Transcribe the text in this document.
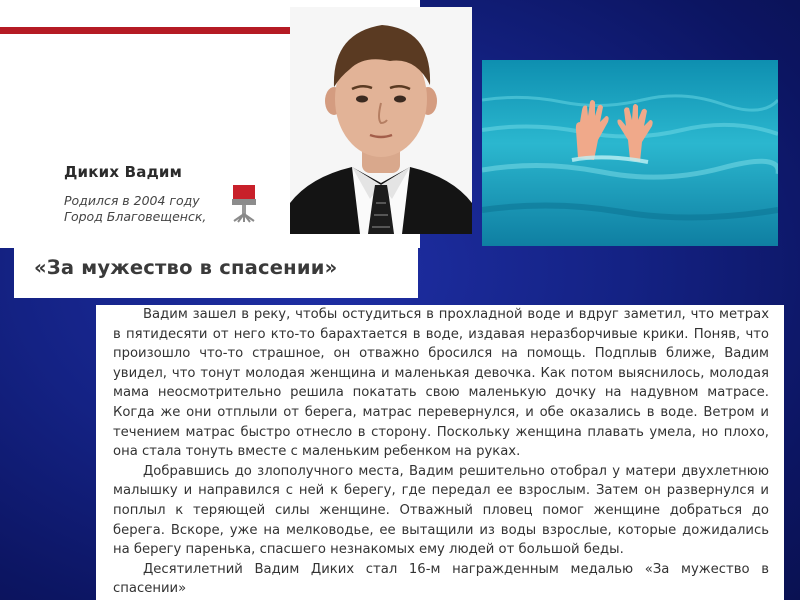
Диких Вадим
Родился в 2004 году
Город Благовещенск,
«За мужество в спасении»

Вадим зашел в реку, чтобы остудиться в прохладной воде и вдруг заметил, что метрах в пятидесяти от него кто-то барахтается в воде, издавая неразборчивые крики. Поняв, что произошло что-то страшное, он отважно бросился на помощь. Подплыв ближе, Вадим увидел, что тонут молодая женщина и маленькая девочка. Как потом выяснилось, молодая мама неосмотрительно решила покатать свою маленькую дочку на надувном матрасе. Когда же они отплыли от берега, матрас перевернулся, и обе оказались в воде. Ветром и течением матрас быстро отнесло в сторону. Поскольку женщина плавать умела, но плохо, она стала тонуть вместе с маленьким ребенком на руках.

Добравшись до злополучного места, Вадим решительно отобрал у матери двухлетнюю малышку и направился с ней к берегу, где передал ее взрослым. Затем он развернулся и поплыл к теряющей силы женщине. Отважный пловец помог женщине добраться до берега. Вскоре, уже на мелководье, ее вытащили из воды взрослые, которые дожидались на берегу паренька, спасшего незнакомых ему людей от большой беды.

Десятилетний Вадим Диких стал 16-м награжденным медалью «За мужество в спасении»
